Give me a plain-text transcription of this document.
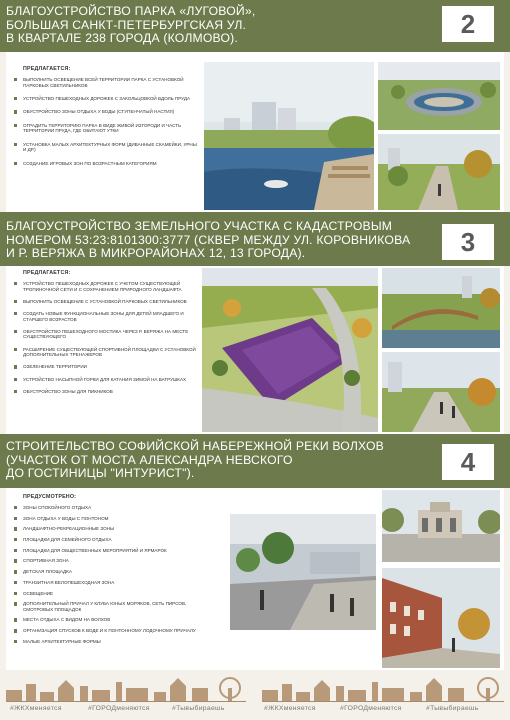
БЛАГОУСТРОЙСТВО ПАРКА «ЛУГОВОЙ»,
БОЛЬШАЯ САНКТ-ПЕТЕРБУРГСКАЯ УЛ.
В КВАРТАЛЕ 238 ГОРОДА (КОЛМОВО).	2
ПРЕДЛАГАЕТСЯ:
ВЫПОЛНИТЬ ОСВЕЩЕНИЕ ВСЕЙ ТЕРРИТОРИИ ПАРКА С УСТАНОВКОЙ ПАРКОВЫХ СВЕТИЛЬНИКОВ
УСТРОЙСТВО ПЕШЕХОДНЫХ ДОРОЖЕК С ЗАКОЛЬЦОВКОЙ ВДОЛЬ ПРУДА
ОБУСТРОЙСТВО ЗОНЫ ОТДЫХА У ВОДЫ (СТУПЕНЧАТЫЙ НАСТИЛ)
ОГРАДИТЬ ТЕРРИТОРИЮ ПАРКА В ВИДЕ ЖИВОЙ ИЗГОРОДИ И ЧАСТЬ ТЕРРИТОРИИ ПРУДА, ГДЕ ОБИТАЮТ УТКИ
УСТАНОВКА МАЛЫХ АРХИТЕКТУРНЫХ ФОРМ (ДИВАННЫЕ СКАМЕЙКИ, УРНЫ И ДР.)
СОЗДАНИЕ ИГРОВЫХ ЗОН ПО ВОЗРАСТНЫМ КАТЕГОРИЯМ
БЛАГОУСТРОЙСТВО ЗЕМЕЛЬНОГО УЧАСТКА С КАДАСТРОВЫМ
НОМЕРОМ 53:23:8101300:3777 (СКВЕР МЕЖДУ УЛ. КОРОВНИКОВА
И Р. ВЕРЯЖА В МИКРОРАЙОНАХ 12, 13 ГОРОДА).	3
ПРЕДЛАГАЕТСЯ:
УСТРОЙСТВО ПЕШЕХОДНЫХ ДОРОЖЕК С УЧЕТОМ СУЩЕСТВУЮЩЕЙ ТРОПИНОЧНОЙ СЕТИ И С СОХРАНЕНИЕМ ПРИРОДНОГО ЛАНДШАФТА
ВЫПОЛНИТЬ ОСВЕЩЕНИЕ С УСТАНОВКОЙ ПАРКОВЫХ СВЕТИЛЬНИКОВ
СОЗДАТЬ НОВЫЕ ФУНКЦИОНАЛЬНЫЕ ЗОНЫ ДЛЯ ДЕТЕЙ МЛАДШЕГО И СТАРШЕГО ВОЗРАСТОВ
ОБУСТРОЙСТВО ПЕШЕХОДНОГО МОСТИКА ЧЕРЕЗ Р. ВЕРЯЖА НА МЕСТЕ СУЩЕСТВУЮЩЕГО
РАСШИРЕНИЕ СУЩЕСТВУЮЩЕЙ СПОРТИВНОЙ ПЛОЩАДКИ С УСТАНОВКОЙ ДОПОЛНИТЕЛЬНЫХ ТРЕНАЖЕРОВ
ОЗЕЛЕНЕНИЕ ТЕРРИТОРИИ
УСТРОЙСТВО НАСЫПНОЙ ГОРКИ ДЛЯ КАТАНИЯ ЗИМОЙ НА ВАТРУШКАХ
ОБУСТРОЙСТВО ЗОНЫ ДЛЯ ПИКНИКОВ
СТРОИТЕЛЬСТВО СОФИЙСКОЙ НАБЕРЕЖНОЙ РЕКИ ВОЛХОВ
(УЧАСТОК ОТ МОСТА АЛЕКСАНДРА НЕВСКОГО
ДО ГОСТИНИЦЫ "ИНТУРИСТ").	4
ПРЕДУСМОТРЕНО:
ЗОНЫ СПОКОЙНОГО ОТДЫХА
ЗОНА ОТДЫХА У ВОДЫ С ПОНТОНОМ
ЛАНДШАФТНО-РЕКРЕАЦИОННЫЕ ЗОНЫ
ПЛОЩАДКИ ДЛЯ СЕМЕЙНОГО ОТДЫХА
ПЛОЩАДКИ ДЛЯ ОБЩЕСТВЕННЫХ МЕРОПРИЯТИЙ И ЯРМАРОК
СПОРТИВНАЯ ЗОНА
ДЕТСКАЯ ПЛОЩАДКА
ТРАНЗИТНАЯ ВЕЛОПЕШЕХОДНАЯ ЗОНА
ОСВЕЩЕНИЕ
ДОПОЛНИТЕЛЬНЫЙ ПРИЧАЛ У КЛУБА ЮНЫХ МОРЯКОВ, СЕТЬ ПИРСОВ, СМОТРОВЫХ ПЛОЩАДОК
МЕСТА ОТДЫХА С ВИДОМ НА ВОЛХОВ
ОРГАНИЗАЦИЯ СПУСКОВ К ВОДЕ И К ПОНТОННОМУ ЛОДОЧНОМУ ПРИЧАЛУ
МАЛЫЕ АРХИТЕКТУРНЫЕ ФОРМЫ
#ЖКХменяется	#ГОРОДменяются	#Тывыбираешь	#ЖКХменяется	#ГОРОДменяются	#Тывыбираешь
